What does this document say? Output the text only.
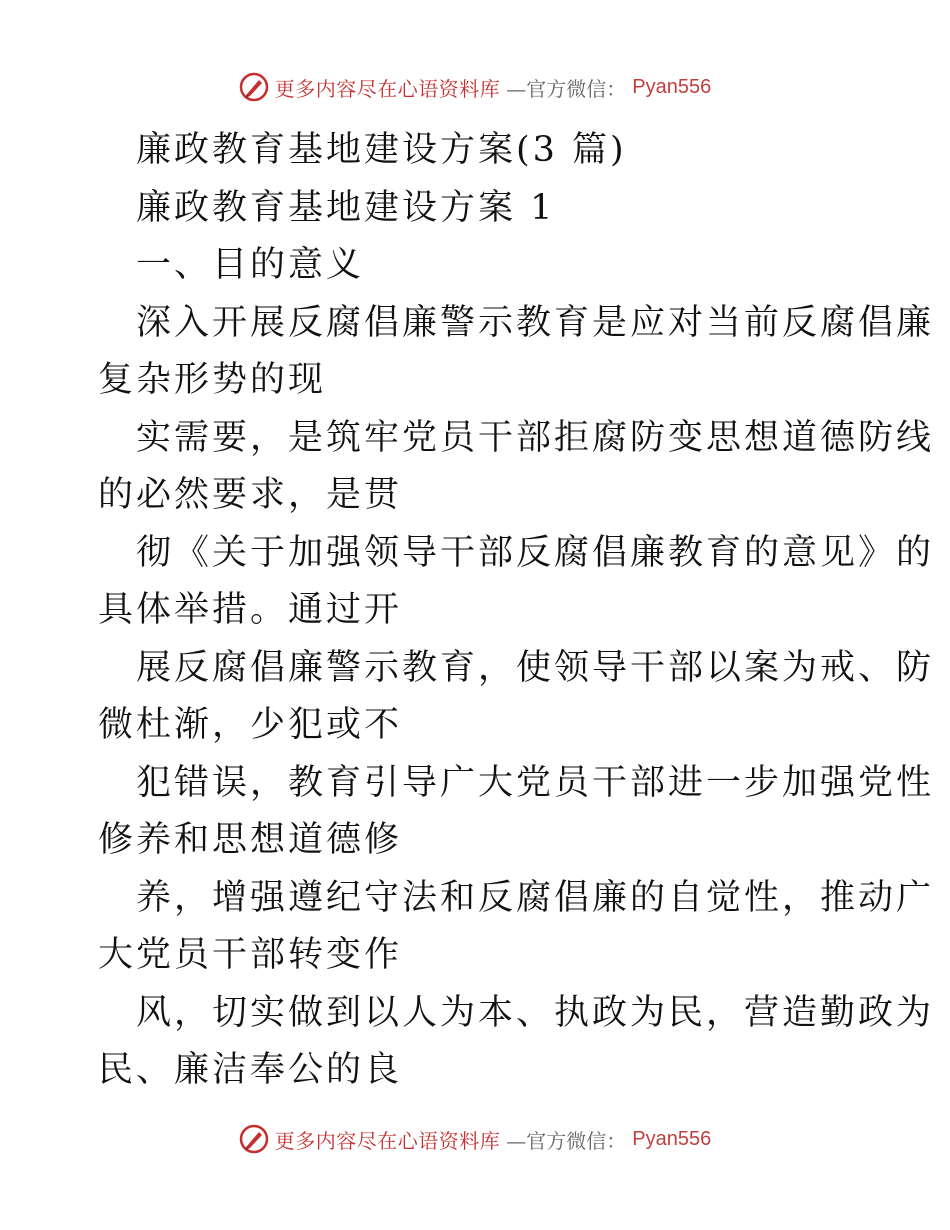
更多内容尽在心语资料库 —官方微信： Pyan556
廉政教育基地建设方案(3 篇)
廉政教育基地建设方案 1
一、目的意义
深入开展反腐倡廉警示教育是应对当前反腐倡廉
复杂形势的现
实需要，是筑牢党员干部拒腐防变思想道德防线
的必然要求，是贯
彻《关于加强领导干部反腐倡廉教育的意见》的
具体举措。通过开
展反腐倡廉警示教育，使领导干部以案为戒、防
微杜渐，少犯或不
犯错误，教育引导广大党员干部进一步加强党性
修养和思想道德修
养，增强遵纪守法和反腐倡廉的自觉性，推动广
大党员干部转变作
风，切实做到以人为本、执政为民，营造勤政为
民、廉洁奉公的良
更多内容尽在心语资料库 —官方微信： Pyan556
